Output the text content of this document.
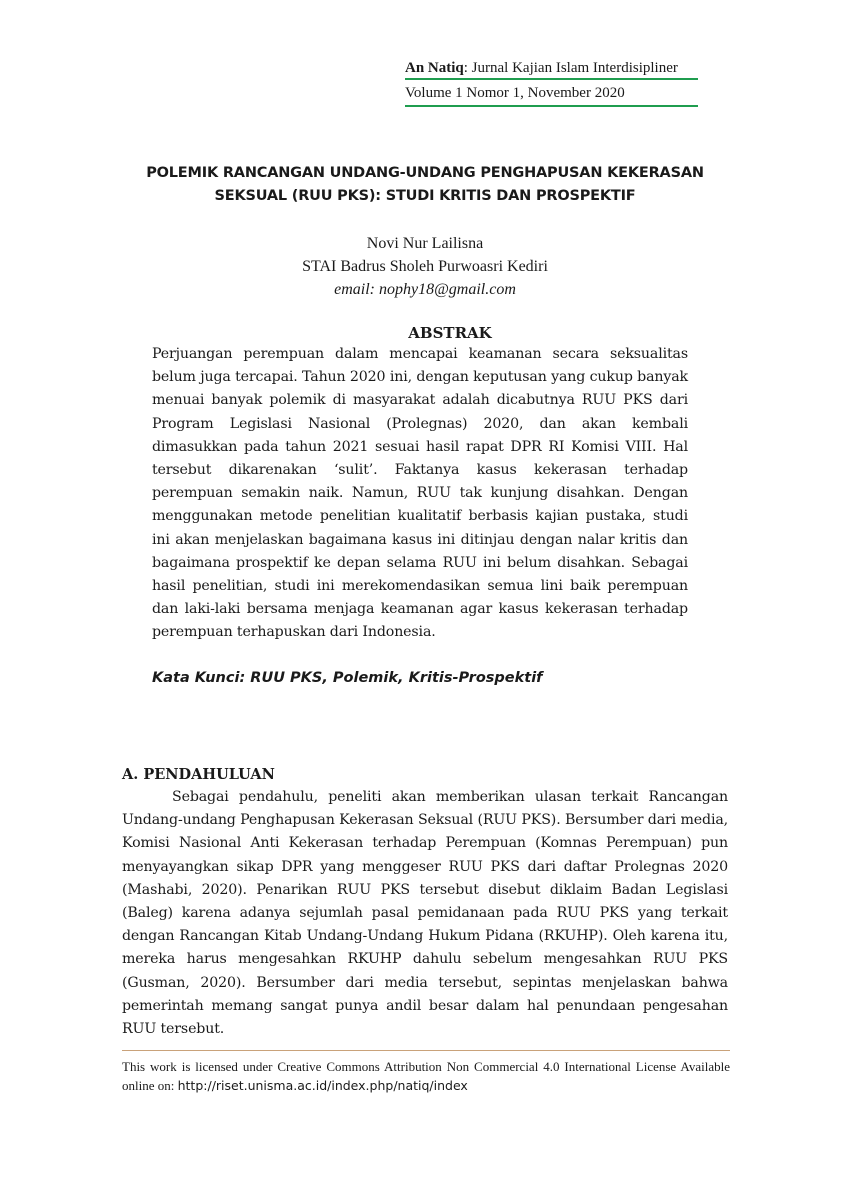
An Natiq: Jurnal Kajian Islam Interdisipliner
Volume 1 Nomor 1, November 2020
POLEMIK RANCANGAN UNDANG-UNDANG PENGHAPUSAN KEKERASAN
SEKSUAL (RUU PKS): STUDI KRITIS DAN PROSPEKTIF
Novi Nur Lailisna
STAI Badrus Sholeh Purwoasri Kediri
email: nophy18@gmail.com
ABSTRAK
Perjuangan perempuan dalam mencapai keamanan secara seksualitas belum juga tercapai. Tahun 2020 ini, dengan keputusan yang cukup banyak menuai banyak polemik di masyarakat adalah dicabutnya RUU PKS dari Program Legislasi Nasional (Prolegnas) 2020, dan akan kembali dimasukkan pada tahun 2021 sesuai hasil rapat DPR RI Komisi VIII. Hal tersebut dikarenakan ‘sulit’. Faktanya kasus kekerasan terhadap perempuan semakin naik. Namun, RUU tak kunjung disahkan. Dengan menggunakan metode penelitian kualitatif berbasis kajian pustaka, studi ini akan menjelaskan bagaimana kasus ini ditinjau dengan nalar kritis dan bagaimana prospektif ke depan selama RUU ini belum disahkan. Sebagai hasil penelitian, studi ini merekomendasikan semua lini baik perempuan dan laki-laki bersama menjaga keamanan agar kasus kekerasan terhadap perempuan terhapuskan dari Indonesia.
Kata Kunci: RUU PKS, Polemik, Kritis-Prospektif
A. PENDAHULUAN
Sebagai pendahulu, peneliti akan memberikan ulasan terkait Rancangan Undang-undang Penghapusan Kekerasan Seksual (RUU PKS). Bersumber dari media, Komisi Nasional Anti Kekerasan terhadap Perempuan (Komnas Perempuan) pun menyayangkan sikap DPR yang menggeser RUU PKS dari daftar Prolegnas 2020 (Mashabi, 2020). Penarikan RUU PKS tersebut disebut diklaim Badan Legislasi (Baleg) karena adanya sejumlah pasal pemidanaan pada RUU PKS yang terkait dengan Rancangan Kitab Undang-Undang Hukum Pidana (RKUHP). Oleh karena itu, mereka harus mengesahkan RKUHP dahulu sebelum mengesahkan RUU PKS (Gusman, 2020). Bersumber dari media tersebut, sepintas menjelaskan bahwa pemerintah memang sangat punya andil besar dalam hal penundaan pengesahan RUU tersebut.
This work is licensed under Creative Commons Attribution Non Commercial 4.0 International License Available online on: http://riset.unisma.ac.id/index.php/natiq/index
